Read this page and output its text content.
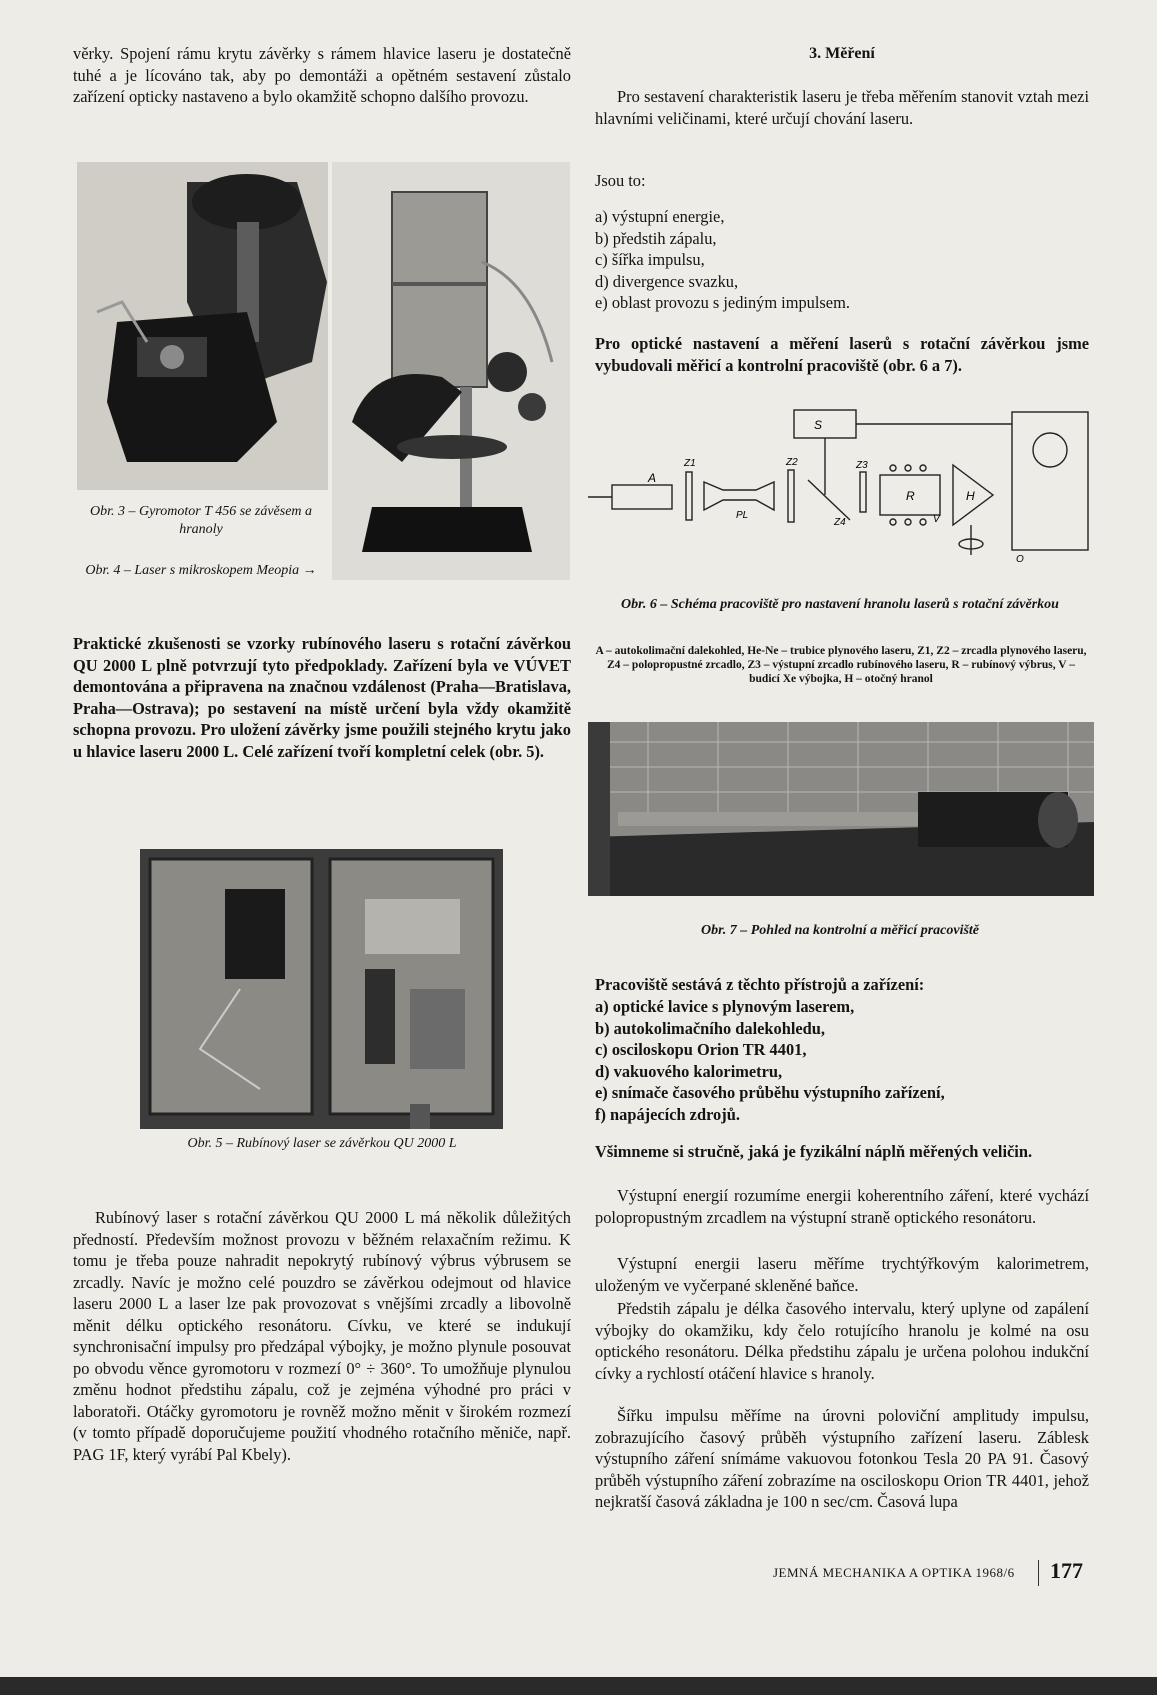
věrky. Spojení rámu krytu závěrky s rámem hlavice laseru je dostatečně tuhé a je lícováno tak, aby po demontáži a opětném sestavení zůstalo zařízení opticky nastaveno a bylo okamžitě schopno dalšího provozu.

Obr. 3 – Gyromotor T 456 se závěsem a hranoly
Obr. 4 – Laser s mikroskopem Meopia →

Praktické zkušenosti se vzorky rubínového laseru s rotační závěrkou QU 2000 L plně potvrzují tyto předpoklady. Zařízení byla ve VÚVET demontována a připravena na značnou vzdálenost (Praha—Bratislava, Praha—Ostrava); po sestavení na místě určení byla vždy okamžitě schopna provozu. Pro uložení závěrky jsme použili stejného krytu jako u hlavice laseru 2000 L. Celé zařízení tvoří kompletní celek (obr. 5).

Obr. 5 – Rubínový laser se závěrkou QU 2000 L

Rubínový laser s rotační závěrkou QU 2000 L má několik důležitých předností. Především možnost provozu v běžném relaxačním režimu. K tomu je třeba pouze nahradit nepokrytý rubínový výbrus výbrusem se zrcadly. Navíc je možno celé pouzdro se závěrkou odejmout od hlavice laseru 2000 L a laser lze pak provozovat s vnějšími zrcadly a libovolně měnit délku optického resonátoru. Cívku, ve které se indukují synchronisační impulsy pro předzápal výbojky, je možno plynule posouvat po obvodu věnce gyromotoru v rozmezí 0° ÷ 360°. To umožňuje plynulou změnu hodnot předstihu zápalu, což je zejména výhodné pro práci v laboratoři. Otáčky gyromotoru je rovněž možno měnit v širokém rozmezí (v tomto případě doporučujeme použití vhodného rotačního měniče, např. PAG 1F, který vyrábí Pal Kbely).

3. Měření

Pro sestavení charakteristik laseru je třeba měřením stanovit vztah mezi hlavními veličinami, které určují chování laseru.

Jsou to:

a) výstupní energie,
b) předstih zápalu,
c) šířka impulsu,
d) divergence svazku,
e) oblast provozu s jediným impulsem.

Pro optické nastavení a měření laserů s rotační závěrkou jsme vybudovali měřicí a kontrolní pracoviště (obr. 6 a 7).

S
A
Z1	Z2	Z3
Z4
PL
R	H
V
O
Obr. 6 – Schéma pracoviště pro nastavení hranolu laserů s rotační závěrkou
A – autokolimační dalekohled, He-Ne – trubice plynového laseru, Z1, Z2 – zrcadla plynového laseru, Z4 – polopropustné zrcadlo, Z3 – výstupní zrcadlo rubínového laseru, R – rubínový výbrus, V – budicí Xe výbojka, H – otočný hranol
Obr. 7 – Pohled na kontrolní a měřicí pracoviště

Pracoviště sestává z těchto přístrojů a zařízení:

a) optické lavice s plynovým laserem,
b) autokolimačního dalekohledu,
c) osciloskopu Orion TR 4401,
d) vakuového kalorimetru,
e) snímače časového průběhu výstupního zařízení,
f) napájecích zdrojů.

Všimneme si stručně, jaká je fyzikální náplň měřených veličin.

Výstupní energií rozumíme energii koherentního záření, které vychází polopropustným zrcadlem na výstupní straně optického resonátoru.

Výstupní energii laseru měříme trychtýřkovým kalorimetrem, uloženým ve vyčerpané skleněné baňce.

Předstih zápalu je délka časového intervalu, který uplyne od zapálení výbojky do okamžiku, kdy čelo rotujícího hranolu je kolmé na osu optického resonátoru. Délka předstihu zápalu je určena polohou indukční cívky a rychlostí otáčení hlavice s hranoly.

Šířku impulsu měříme na úrovni poloviční amplitudy impulsu, zobrazujícího časový průběh výstupního zařízení laseru. Záblesk výstupního záření snímáme vakuovou fotonkou Tesla 20 PA 91. Časový průběh výstupního záření zobrazíme na osciloskopu Orion TR 4401, jehož nejkratší časová základna je 100 n sec/cm. Časová lupa

JEMNÁ MECHANIKA A OPTIKA 1968/6 177
